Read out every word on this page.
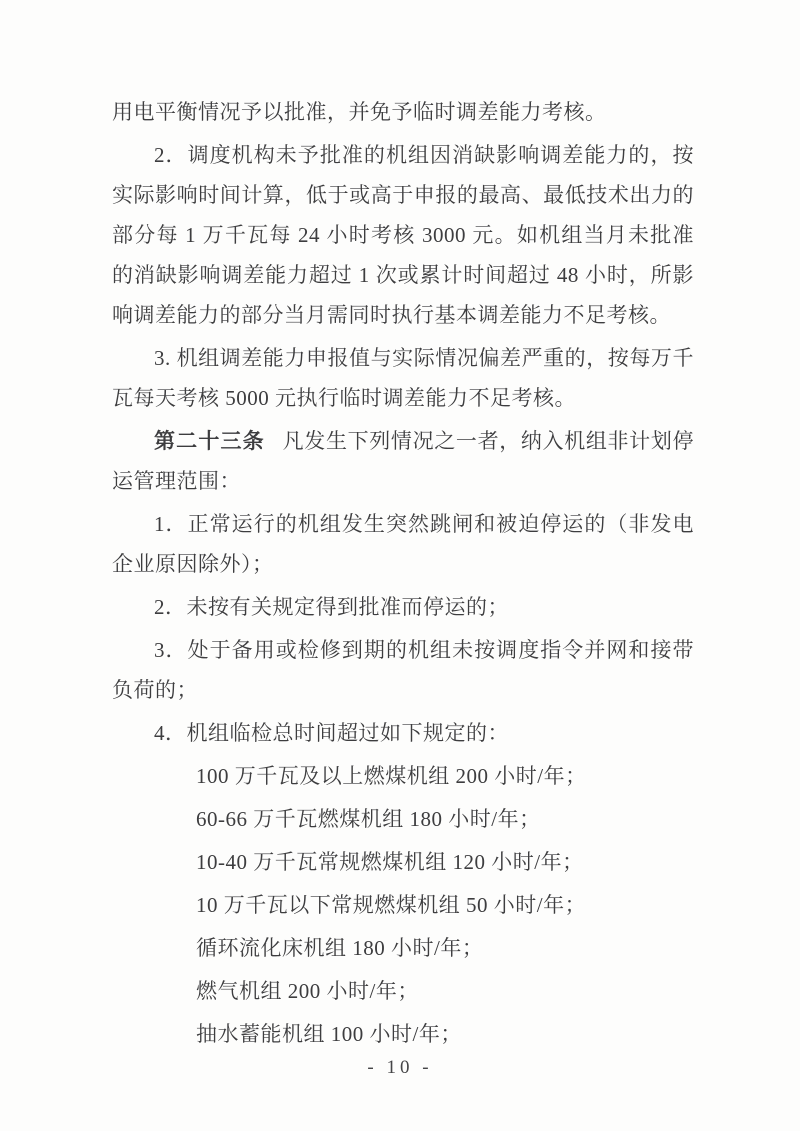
用电平衡情况予以批准，并免予临时调差能力考核。

2．调度机构未予批准的机组因消缺影响调差能力的，按实际影响时间计算，低于或高于申报的最高、最低技术出力的部分每 1 万千瓦每 24 小时考核 3000 元。如机组当月未批准的消缺影响调差能力超过 1 次或累计时间超过 48 小时，所影响调差能力的部分当月需同时执行基本调差能力不足考核。

3. 机组调差能力申报值与实际情况偏差严重的，按每万千瓦每天考核 5000 元执行临时调差能力不足考核。

第二十三条 凡发生下列情况之一者，纳入机组非计划停运管理范围：

1．正常运行的机组发生突然跳闸和被迫停运的（非发电企业原因除外）；

2．未按有关规定得到批准而停运的；

3．处于备用或检修到期的机组未按调度指令并网和接带负荷的；

4．机组临检总时间超过如下规定的：

100 万千瓦及以上燃煤机组 200 小时/年；

60-66 万千瓦燃煤机组 180 小时/年；

10-40 万千瓦常规燃煤机组 120 小时/年；

10 万千瓦以下常规燃煤机组 50 小时/年；

循环流化床机组 180 小时/年；

燃气机组 200 小时/年；

抽水蓄能机组 100 小时/年；

- 10 -
